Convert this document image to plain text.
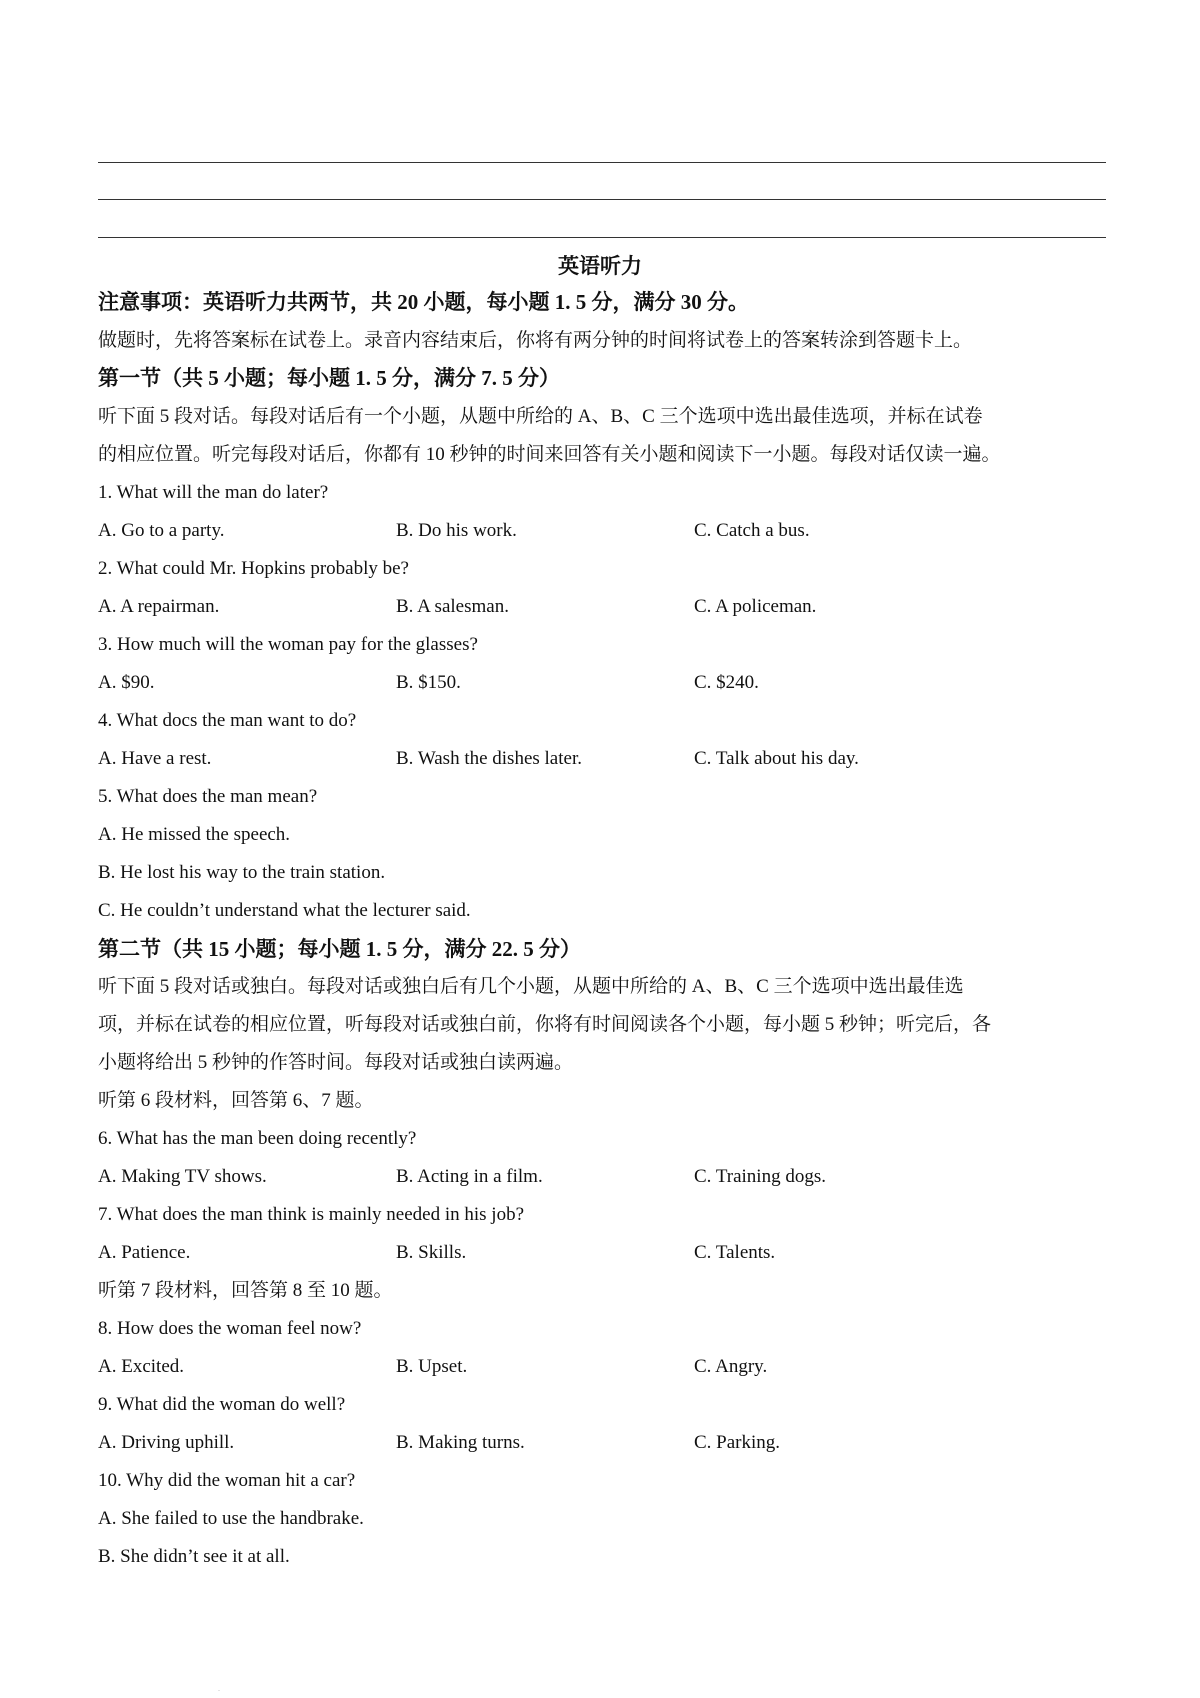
英语听力
注意事项：英语听力共两节，共 20 小题，每小题 1. 5 分，满分 30 分。
做题时，先将答案标在试卷上。录音内容结束后，你将有两分钟的时间将试卷上的答案转涂到答题卡上。
第一节（共 5 小题；每小题 1. 5 分，满分 7. 5 分）
听下面 5 段对话。每段对话后有一个小题，从题中所给的 A、B、C 三个选项中选出最佳选项，并标在试卷
的相应位置。听完每段对话后，你都有 10 秒钟的时间来回答有关小题和阅读下一小题。每段对话仅读一遍。
1. What will the man do later?
A. Go to a party.	B. Do his work.	C. Catch a bus.
2. What could Mr. Hopkins probably be?
A. A repairman.	B. A salesman.	C. A policeman.
3. How much will the woman pay for the glasses?
A. $90.	B. $150.	C. $240.
4. What docs the man want to do?
A. Have a rest.	B. Wash the dishes later.	C. Talk about his day.
5. What does the man mean?
A. He missed the speech.
B. He lost his way to the train station.
C. He couldn’t understand what the lecturer said.
第二节（共 15 小题；每小题 1. 5 分，满分 22. 5 分）
听下面 5 段对话或独白。每段对话或独白后有几个小题，从题中所给的 A、B、C 三个选项中选出最佳选
项，并标在试卷的相应位置，听每段对话或独白前，你将有时间阅读各个小题，每小题 5 秒钟；听完后，各
小题将给出 5 秒钟的作答时间。每段对话或独白读两遍。
听第 6 段材料，回答第 6、7 题。
6. What has the man been doing recently?
A. Making TV shows.	B. Acting in a film.	C. Training dogs.
7. What does the man think is mainly needed in his job?
A. Patience.	B. Skills.	C. Talents.
听第 7 段材料，回答第 8 至 10 题。
8. How does the woman feel now?
A. Excited.	B. Upset.	C. Angry.
9. What did the woman do well?
A. Driving uphill.	B. Making turns.	C. Parking.
10. Why did the woman hit a car?
A. She failed to use the handbrake.
B. She didn’t see it at all.
.
